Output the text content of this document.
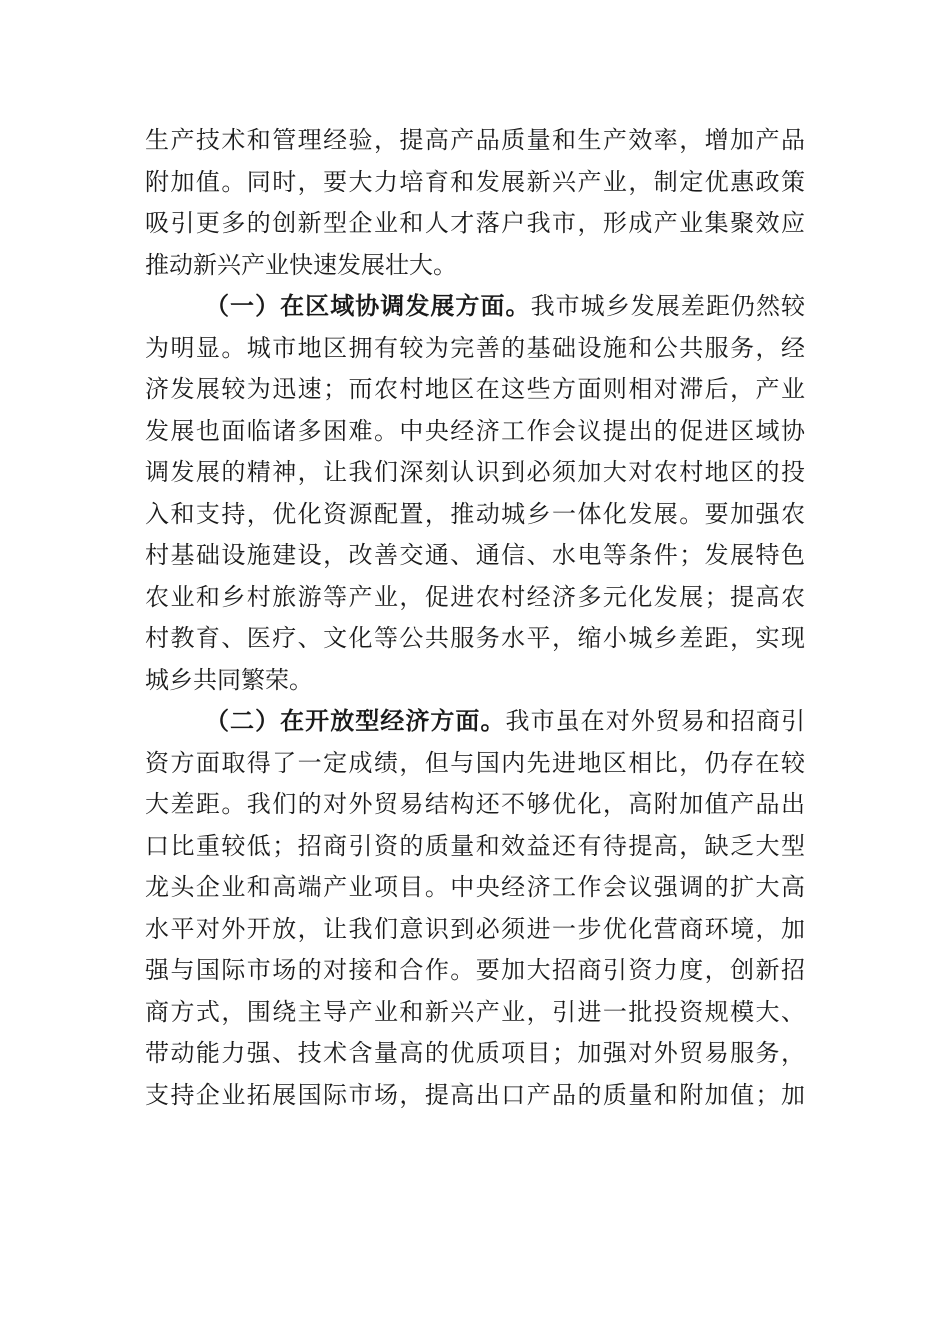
生产技术和管理经验，提高产品质量和生产效率，增加产品
附加值。同时，要大力培育和发展新兴产业，制定优惠政策
吸引更多的创新型企业和人才落户我市，形成产业集聚效应
推动新兴产业快速发展壮大。
（一）在区域协调发展方面。我市城乡发展差距仍然较
为明显。城市地区拥有较为完善的基础设施和公共服务，经
济发展较为迅速；而农村地区在这些方面则相对滞后，产业
发展也面临诸多困难。中央经济工作会议提出的促进区域协
调发展的精神，让我们深刻认识到必须加大对农村地区的投
入和支持，优化资源配置，推动城乡一体化发展。要加强农
村基础设施建设，改善交通、通信、水电等条件；发展特色
农业和乡村旅游等产业，促进农村经济多元化发展；提高农
村教育、医疗、文化等公共服务水平，缩小城乡差距，实现
城乡共同繁荣。
（二）在开放型经济方面。我市虽在对外贸易和招商引
资方面取得了一定成绩，但与国内先进地区相比，仍存在较
大差距。我们的对外贸易结构还不够优化，高附加值产品出
口比重较低；招商引资的质量和效益还有待提高，缺乏大型
龙头企业和高端产业项目。中央经济工作会议强调的扩大高
水平对外开放，让我们意识到必须进一步优化营商环境，加
强与国际市场的对接和合作。要加大招商引资力度，创新招
商方式，围绕主导产业和新兴产业，引进一批投资规模大、
带动能力强、技术含量高的优质项目；加强对外贸易服务，
支持企业拓展国际市场，提高出口产品的质量和附加值；加
